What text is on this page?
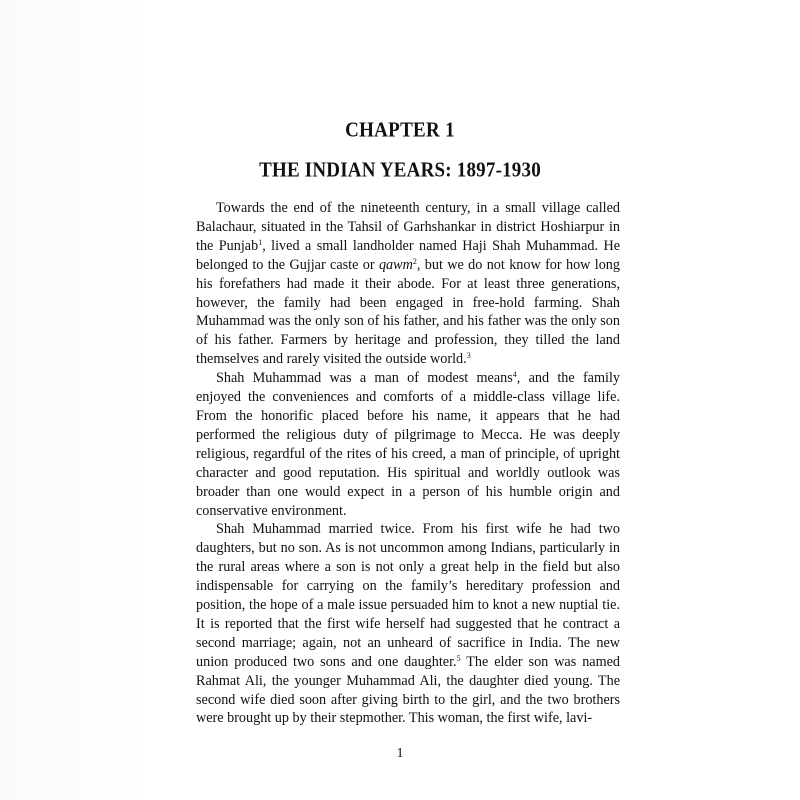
CHAPTER 1
THE INDIAN YEARS: 1897-1930

Towards the end of the nineteenth century, in a small village called Balachaur, situated in the Tahsil of Garhshankar in district Hoshiarpur in the Punjab$^1$, lived a small landholder named Haji Shah Muhammad. He belonged to the Gujjar caste or qawm$^2$, but we do not know for how long his forefathers had made it their abode. For at least three generations, however, the family had been engaged in free-hold farming. Shah Muhammad was the only son of his father, and his father was the only son of his father. Farmers by heritage and profession, they tilled the land themselves and rarely visited the outside world.$^3$

Shah Muhammad was a man of modest means$^4$, and the family enjoyed the conveniences and comforts of a middle-class village life. From the honorific placed before his name, it appears that he had performed the religious duty of pilgrimage to Mecca. He was deeply religious, regardful of the rites of his creed, a man of principle, of upright character and good reputation. His spiritual and worldly outlook was broader than one would expect in a person of his humble origin and conservative environment.

Shah Muhammad married twice. From his first wife he had two daughters, but no son. As is not uncommon among Indians, particularly in the rural areas where a son is not only a great help in the field but also indispensable for carrying on the family’s hereditary profession and position, the hope of a male issue persuaded him to knot a new nuptial tie. It is reported that the first wife herself had suggested that he contract a second marriage; again, not an unheard of sacrifice in India. The new union produced two sons and one daughter.$^5$ The elder son was named Rahmat Ali, the younger Muhammad Ali, the daughter died young. The second wife died soon after giving birth to the girl, and the two brothers were brought up by their stepmother. This woman, the first wife, lavi-

1
